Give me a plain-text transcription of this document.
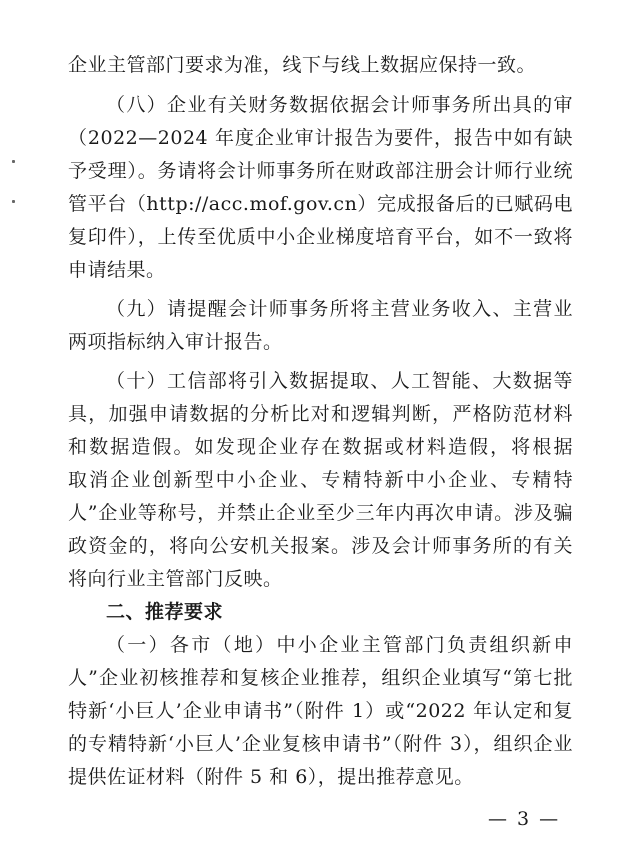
企业主管部门要求为准，线下与线上数据应保持一致。
（八）企业有关财务数据依据会计师事务所出具的审
（2022—2024 年度企业审计报告为要件，报告中如有缺
予受理）。务请将会计师事务所在财政部注册会计师行业统
管平台（http://acc.mof.gov.cn）完成报备后的已赋码电
复印件），上传至优质中小企业梯度培育平台，如不一致将
申请结果。
（九）请提醒会计师事务所将主营业务收入、主营业
两项指标纳入审计报告。
（十）工信部将引入数据提取、人工智能、大数据等
具，加强申请数据的分析比对和逻辑判断，严格防范材料
和数据造假。如发现企业存在数据或材料造假，将根据
取消企业创新型中小企业、专精特新中小企业、专精特
人”企业等称号，并禁止企业至少三年内再次申请。涉及骗
政资金的，将向公安机关报案。涉及会计师事务所的有关
将向行业主管部门反映。
二、推荐要求
（一）各市（地）中小企业主管部门负责组织新申
人”企业初核推荐和复核企业推荐，组织企业填写“第七批
特新‘小巨人’企业申请书”（附件 1）或“2022 年认定和复
的专精特新‘小巨人’企业复核申请书”（附件 3），组织企业
提供佐证材料（附件 5 和 6），提出推荐意见。
— 3 —
